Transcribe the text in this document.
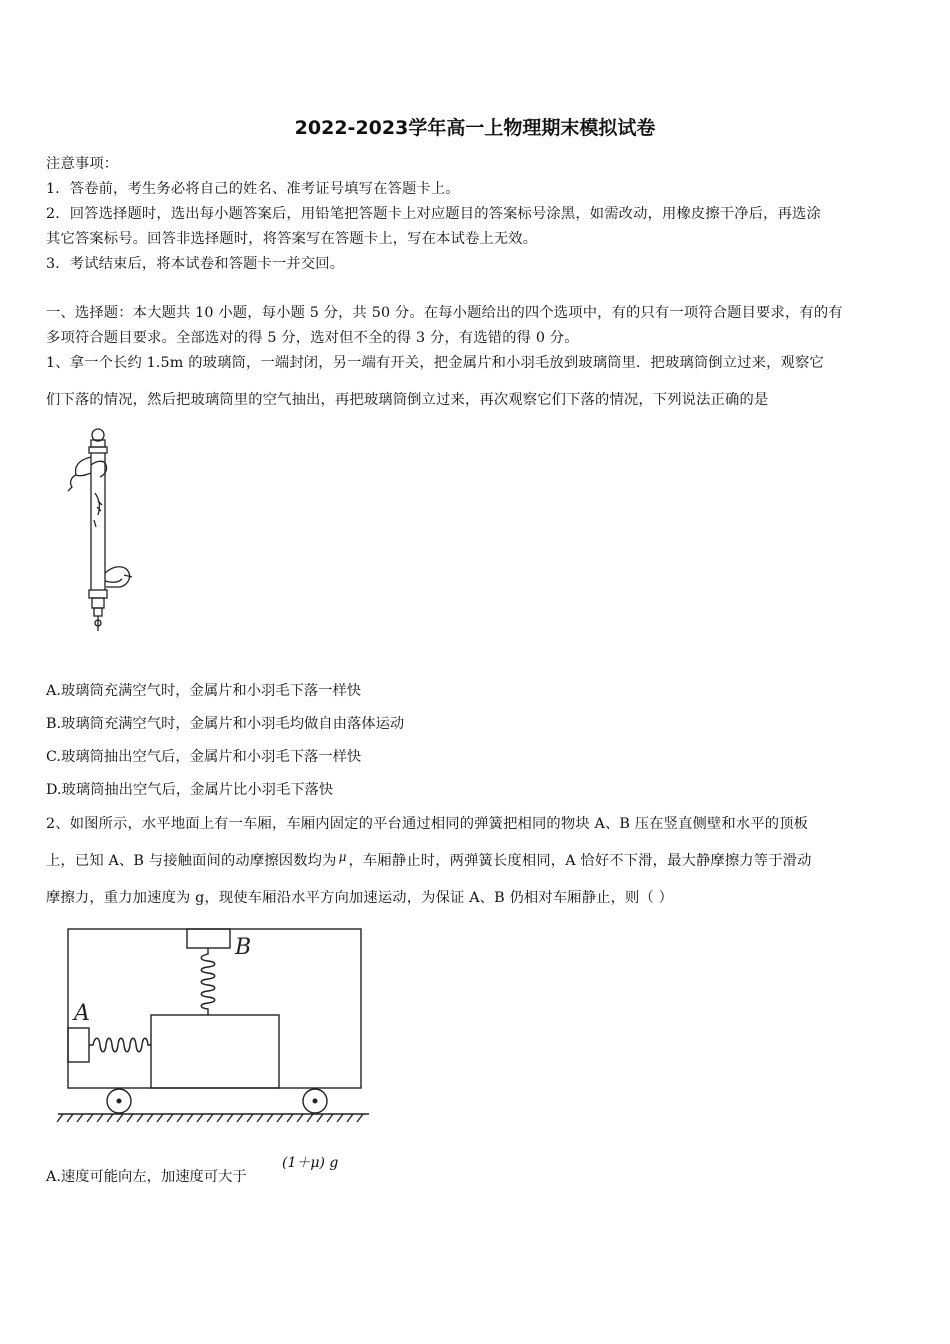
2022-2023学年高一上物理期末模拟试卷
注意事项：
1．答卷前，考生务必将自己的姓名、准考证号填写在答题卡上。
2．回答选择题时，选出每小题答案后，用铅笔把答题卡上对应题目的答案标号涂黑，如需改动，用橡皮擦干净后，再选涂
其它答案标号。回答非选择题时，将答案写在答题卡上，写在本试卷上无效。
3．考试结束后，将本试卷和答题卡一并交回。
一、选择题：本大题共 10 小题，每小题 5 分，共 50 分。在每小题给出的四个选项中，有的只有一项符合题目要求，有的有
多项符合题目要求。全部选对的得 5 分，选对但不全的得 3 分，有选错的得 0 分。
1、拿一个长约 1.5m 的玻璃筒，一端封闭，另一端有开关，把金属片和小羽毛放到玻璃筒里．把玻璃筒倒立过来，观察它
们下落的情况，然后把玻璃筒里的空气抽出，再把玻璃筒倒立过来，再次观察它们下落的情况，下列说法正确的是
A.玻璃筒充满空气时，金属片和小羽毛下落一样快
B.玻璃筒充满空气时，金属片和小羽毛均做自由落体运动
C.玻璃筒抽出空气后，金属片和小羽毛下落一样快
D.玻璃筒抽出空气后，金属片比小羽毛下落快
2、如图所示，水平地面上有一车厢，车厢内固定的平台通过相同的弹簧把相同的物块 A、B 压在竖直侧壁和水平的顶板
上，已知 A、B 与接触面间的动摩擦因数均为 $^\mu$ ，车厢静止时，两弹簧长度相同，A 恰好不下滑，最大静摩擦力等于滑动
摩擦力，重力加速度为 g，现使车厢沿水平方向加速运动，为保证 A、B 仍相对车厢静止，则（ ）
B
A
A.速度可能向左，加速度可大于
(1＋μ) g
